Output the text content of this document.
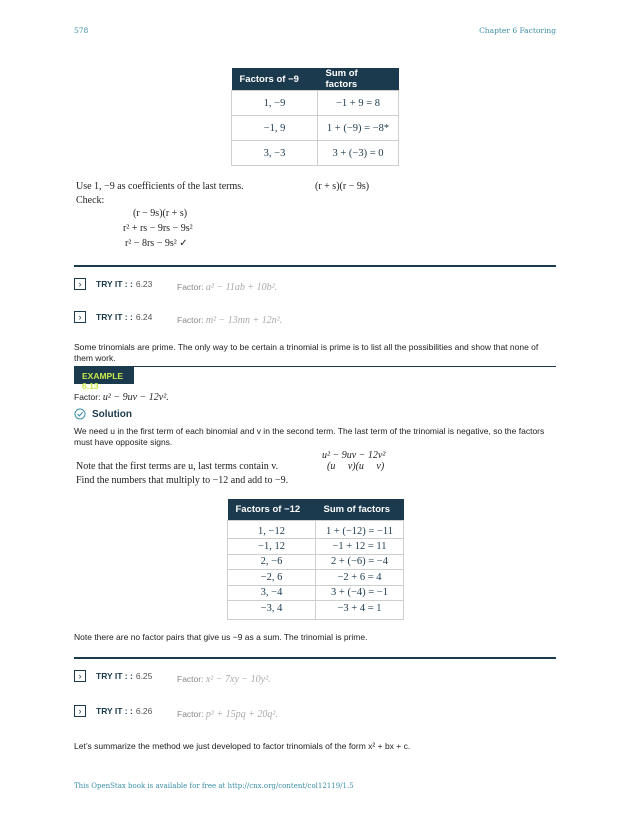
578	Chapter 6 Factoring
Factors of −9	Sum of factors
1, −9	−1 + 9 = 8
−1, 9	1 + (−9) = −8*
3, −3	3 + (−3) = 0
Use 1, −9 as coefficients of the last terms.	(r + s)(r − 9s)
Check:
(r − 9s)(r + s)
r² + rs − 9rs − 9s²
r² − 8rs − 9s² ✓
›	TRY IT : : 6.23	Factor: a² − 11ab + 10b².
›	TRY IT : : 6.24	Factor: m² − 13mn + 12n².
Some trinomials are prime. The only way to be certain a trinomial is prime is to list all the possibilities and show that none of them work.
EXAMPLE 6.13
Factor: u² − 9uv − 12v².
Solution
We need u in the first term of each binomial and v in the second term. The last term of the trinomial is negative, so the factors must have opposite signs.
u² − 9uv − 12v²
Note that the first terms are u, last terms contain v.	(u     v)(u     v)
Find the numbers that multiply to −12 and add to −9.
Factors of −12	Sum of factors
1, −12	1 + (−12) = −11
−1, 12	−1 + 12 = 11
2, −6	2 + (−6) = −4
−2, 6	−2 + 6 = 4
3, −4	3 + (−4) = −1
−3, 4	−3 + 4 = 1
Note there are no factor pairs that give us −9 as a sum. The trinomial is prime.
›	TRY IT : : 6.25	Factor: x² − 7xy − 10y².
›	TRY IT : : 6.26	Factor: p² + 15pq + 20q².
Let’s summarize the method we just developed to factor trinomials of the form x² + bx + c.
This OpenStax book is available for free at http://cnx.org/content/col12119/1.5
